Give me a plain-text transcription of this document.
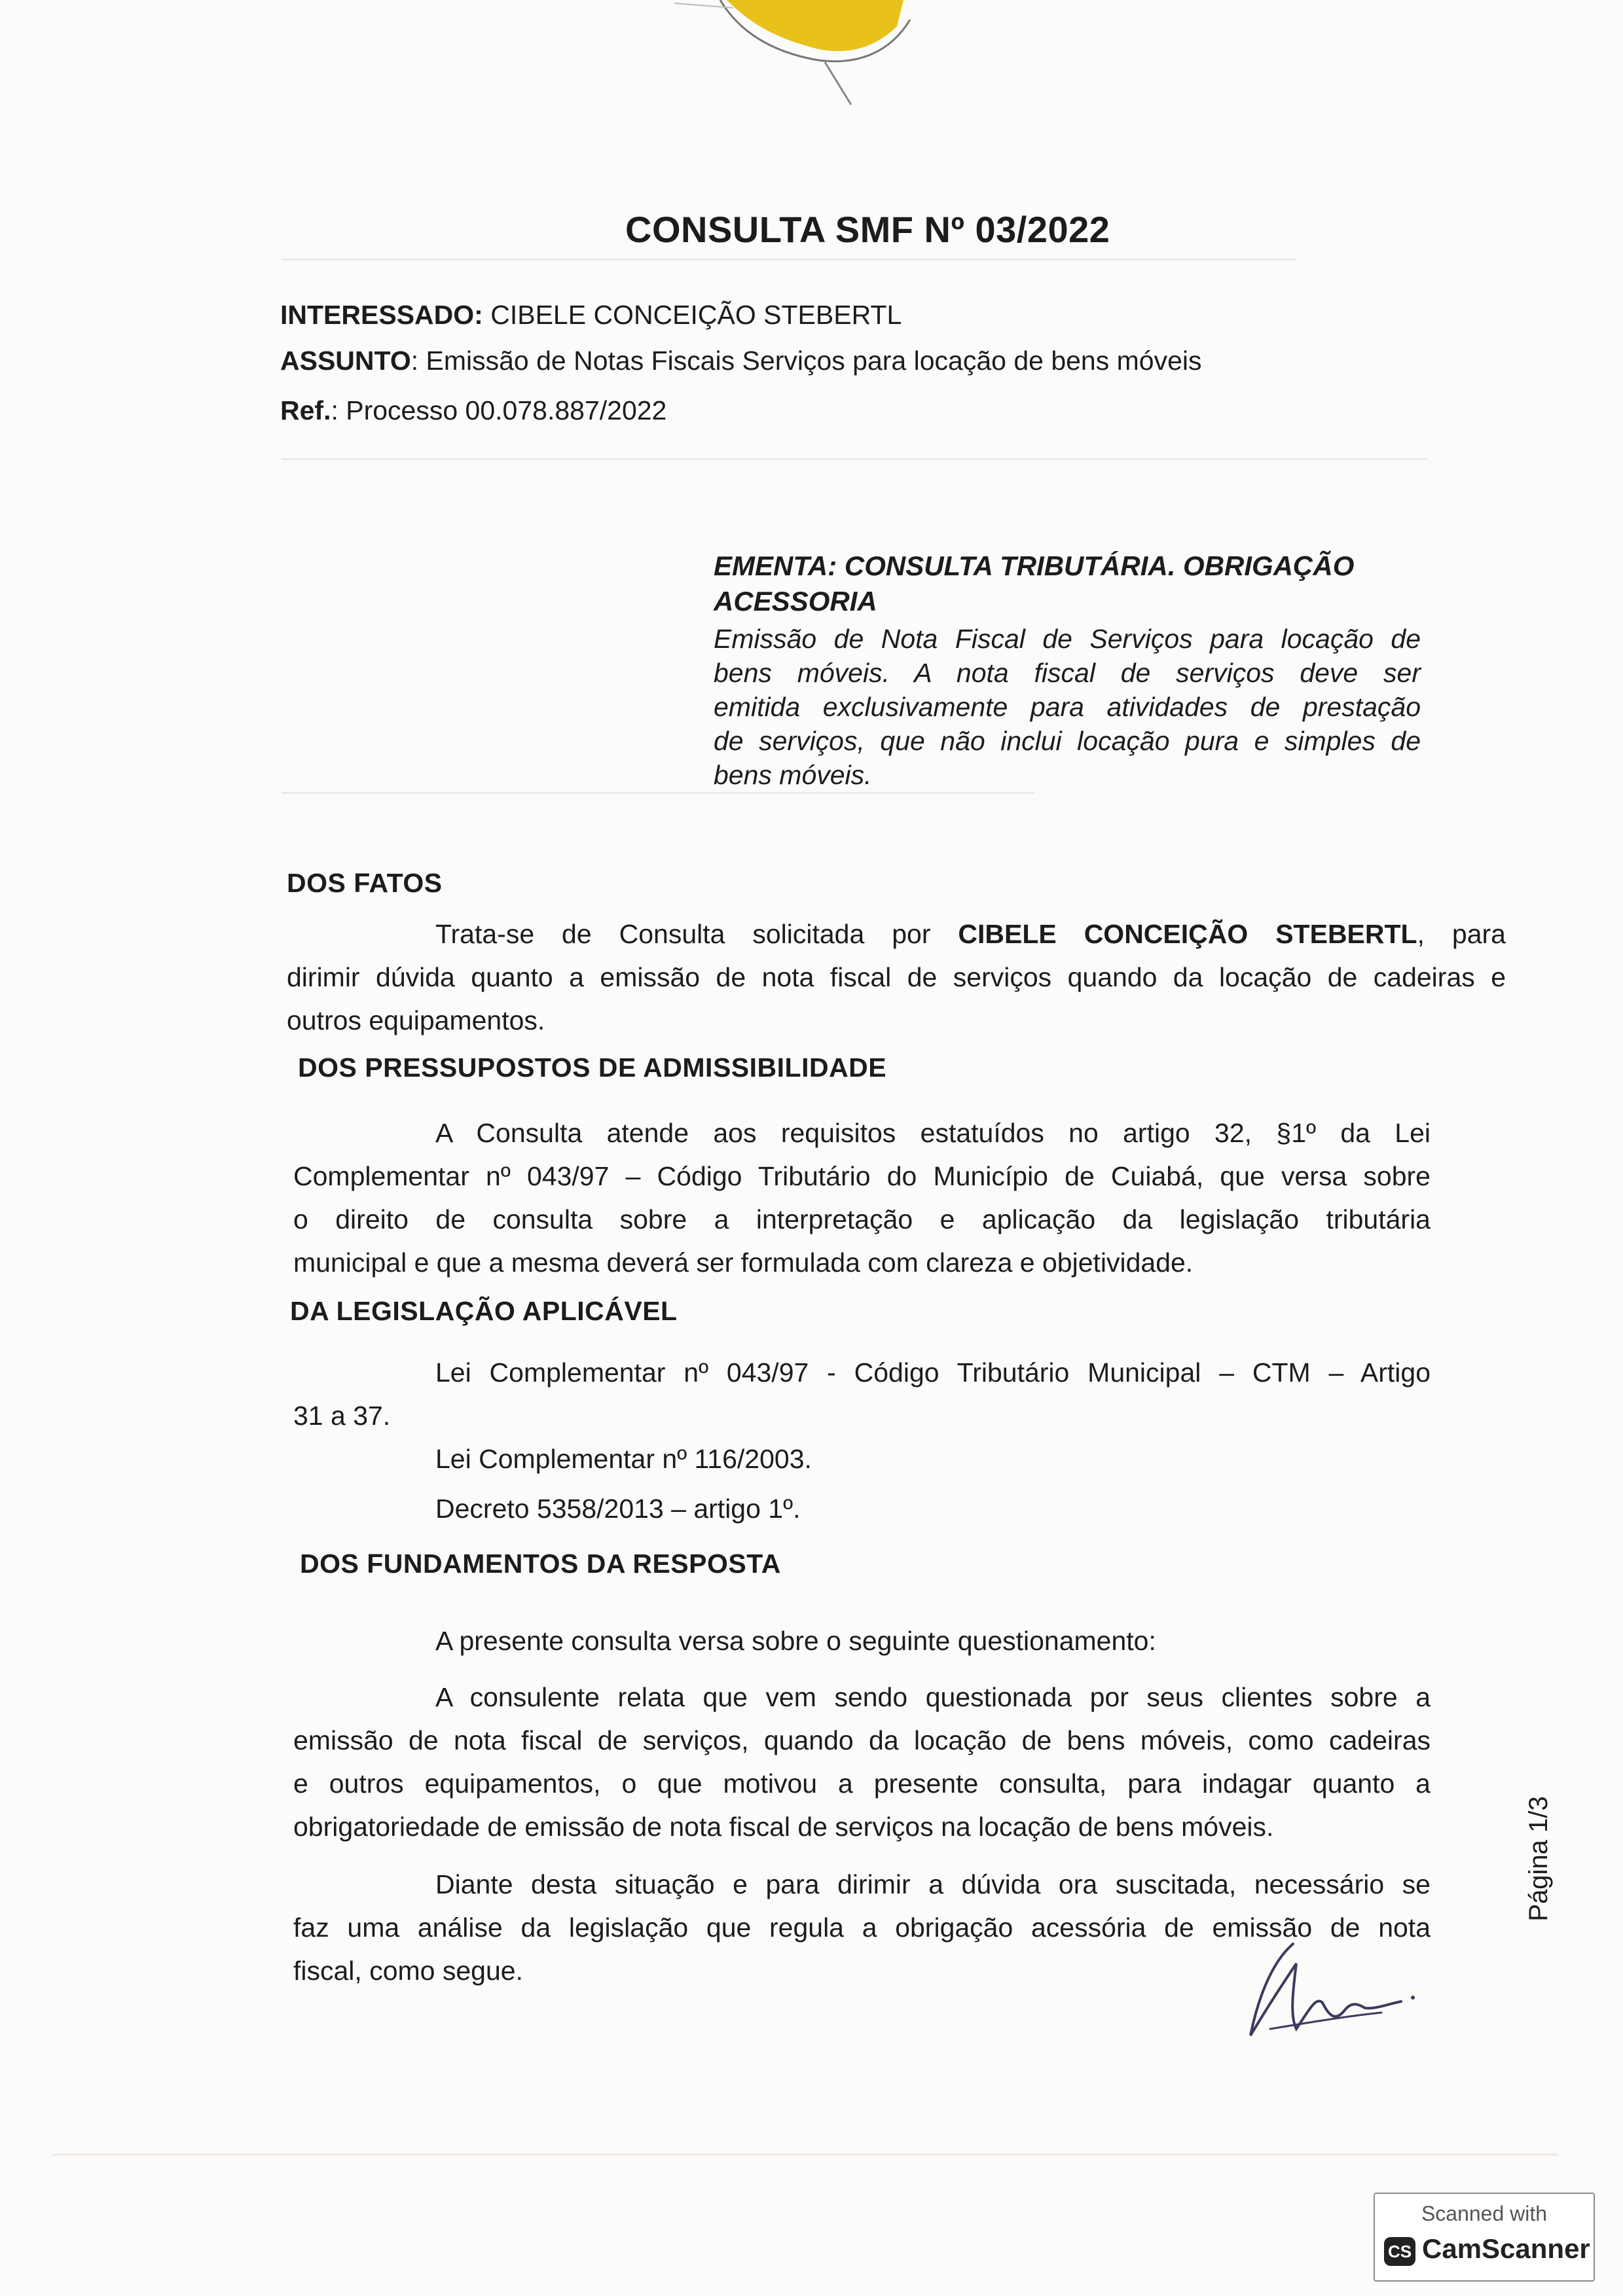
CONSULTA SMF Nº 03/2022
INTERESSADO: CIBELE CONCEIÇÃO STEBERTL
ASSUNTO: Emissão de Notas Fiscais Serviços para locação de bens móveis
Ref.: Processo 00.078.887/2022
EMENTA: CONSULTA TRIBUTÁRIA. OBRIGAÇÃO
ACESSORIA
Emissão de Nota Fiscal de Serviços para locação de
bens móveis. A nota fiscal de serviços deve ser
emitida exclusivamente para atividades de prestação
de serviços, que não inclui locação pura e simples de
bens móveis.
DOS FATOS
Trata-se de Consulta solicitada por CIBELE CONCEIÇÃO STEBERTL, para
dirimir dúvida quanto a emissão de nota fiscal de serviços quando da locação de cadeiras e
outros equipamentos.
DOS PRESSUPOSTOS DE ADMISSIBILIDADE
A Consulta atende aos requisitos estatuídos no artigo 32, §1º da Lei
Complementar nº 043/97 – Código Tributário do Município de Cuiabá, que versa sobre
o direito de consulta sobre a interpretação e aplicação da legislação tributária
municipal e que a mesma deverá ser formulada com clareza e objetividade.
DA LEGISLAÇÃO APLICÁVEL
Lei Complementar nº 043/97 - Código Tributário Municipal – CTM – Artigo
31 a 37.
Lei Complementar nº 116/2003.
Decreto 5358/2013 – artigo 1º.
DOS FUNDAMENTOS DA RESPOSTA
A presente consulta versa sobre o seguinte questionamento:
A consulente relata que vem sendo questionada por seus clientes sobre a
emissão de nota fiscal de serviços, quando da locação de bens móveis, como cadeiras
e outros equipamentos, o que motivou a presente consulta, para indagar quanto a
obrigatoriedade de emissão de nota fiscal de serviços na locação de bens móveis.
Diante desta situação e para dirimir a dúvida ora suscitada, necessário se
faz uma análise da legislação que regula a obrigação acessória de emissão de nota
fiscal, como segue.
Página 1/3
Scanned with
CS CamScanner
